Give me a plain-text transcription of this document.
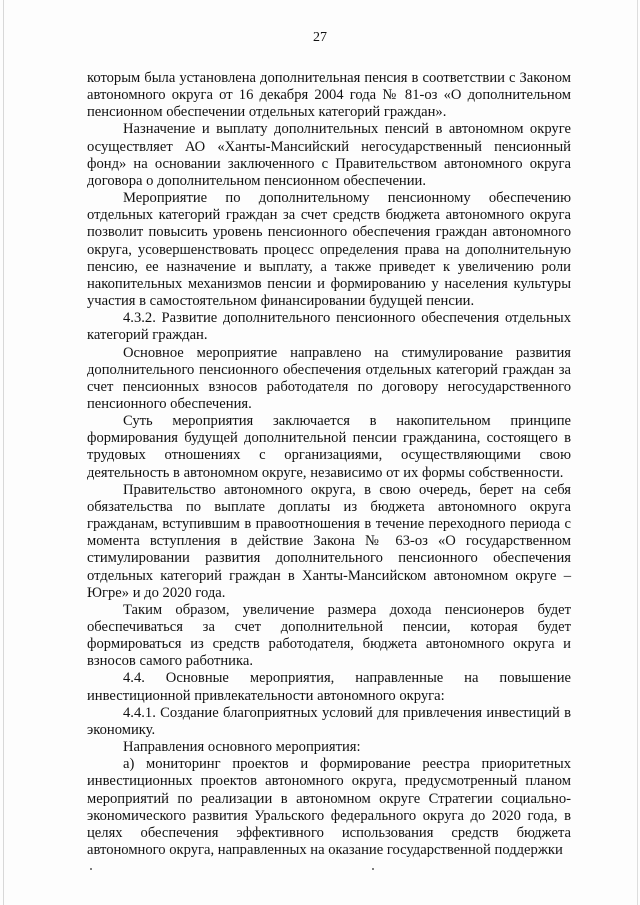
27

которым была установлена дополнительная пенсия в соответствии с Законом автономного округа от 16 декабря 2004 года № 81-оз «О дополнительном пенсионном обеспечении отдельных категорий граждан».

Назначение и выплату дополнительных пенсий в автономном округе осуществляет АО «Ханты-Мансийский негосударственный пенсионный фонд» на основании заключенного с Правительством автономного округа договора о дополнительном пенсионном обеспечении.

Мероприятие по дополнительному пенсионному обеспечению отдельных категорий граждан за счет средств бюджета автономного округа позволит повысить уровень пенсионного обеспечения граждан автономного округа, усовершенствовать процесс определения права на дополнительную пенсию, ее назначение и выплату, а также приведет к увеличению роли накопительных механизмов пенсии и формированию у населения культуры участия в самостоятельном финансировании будущей пенсии.

4.3.2. Развитие дополнительного пенсионного обеспечения отдельных категорий граждан.

Основное мероприятие направлено на стимулирование развития дополнительного пенсионного обеспечения отдельных категорий граждан за счет пенсионных взносов работодателя по договору негосударственного пенсионного обеспечения.

Суть мероприятия заключается в накопительном принципе формирования будущей дополнительной пенсии гражданина, состоящего в трудовых отношениях с организациями, осуществляющими свою деятельность в автономном округе, независимо от их формы собственности.

Правительство автономного округа, в свою очередь, берет на себя обязательства по выплате доплаты из бюджета автономного округа гражданам, вступившим в правоотношения в течение переходного периода с момента вступления в действие Закона № 63-оз «О государственном стимулировании развития дополнительного пенсионного обеспечения отдельных категорий граждан в Ханты-Мансийском автономном округе – Югре» и до 2020 года.

Таким образом, увеличение размера дохода пенсионеров будет обеспечиваться за счет дополнительной пенсии, которая будет формироваться из средств работодателя, бюджета автономного округа и взносов самого работника.

4.4. Основные мероприятия, направленные на повышение инвестиционной привлекательности автономного округа:

4.4.1. Создание благоприятных условий для привлечения инвестиций в экономику.

Направления основного мероприятия:

а) мониторинг проектов и формирование реестра приоритетных инвестиционных проектов автономного округа, предусмотренный планом мероприятий по реализации в автономном округе Стратегии социально-экономического развития Уральского федерального округа до 2020 года, в целях обеспечения эффективного использования средств бюджета автономного округа, направленных на оказание государственной поддержки
